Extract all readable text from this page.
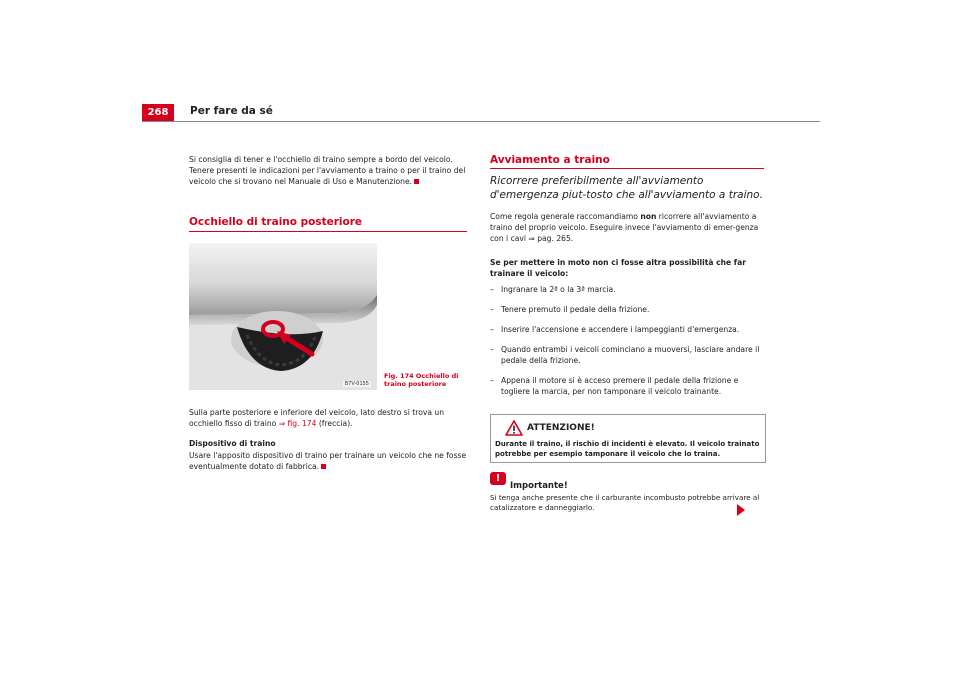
268	Per fare da sé
Si consiglia di tener e l'occhiello di traino sempre a bordo del veicolo. Tenere presenti le indicazioni per l'avviamento a traino o per il traino del veicolo che si trovano nel Manuale di Uso e Manutenzione.
Occhiello di traino posteriore
B7V-0155
Fig. 174 Occhiello di
traino posteriore
Sulla parte posteriore e inferiore del veicolo, lato destro si trova un occhiello fisso di traino ⇒ fig. 174 (freccia).
Dispositivo di traino
Usare l'apposito dispositivo di traino per trainare un veicolo che ne fosse eventualmente dotato di fabbrica.
Avviamento a traino
Ricorrere preferibilmente all'avviamento d'emergenza piut-tosto che all'avviamento a traino.
Come regola generale raccomandiamo non ricorrere all'avviamento a traino del proprio veicolo. Eseguire invece l'avviamento di emer-genza con i cavi ⇒ pag. 265.
Se per mettere in moto non ci fosse altra possibilità che far trainare il veicolo:
– Ingranare la 2ª o la 3ª marcia.
– Tenere premuto il pedale della frizione.
– Inserire l'accensione e accendere i lampeggianti d'emergenza.
– Quando entrambi i veicoli cominciano a muoversi, lasciare andare il pedale della frizione.
– Appena il motore si è acceso premere il pedale della frizione e togliere la marcia, per non tamponare il veicolo trainante.
ATTENZIONE!
Durante il traino, il rischio di incidenti è elevato. Il veicolo trainato potrebbe per esempio tamponare il veicolo che lo traina.
!
Importante!
Si tenga anche presente che il carburante incombusto potrebbe arrivare al catalizzatore e danneggiarlo.
